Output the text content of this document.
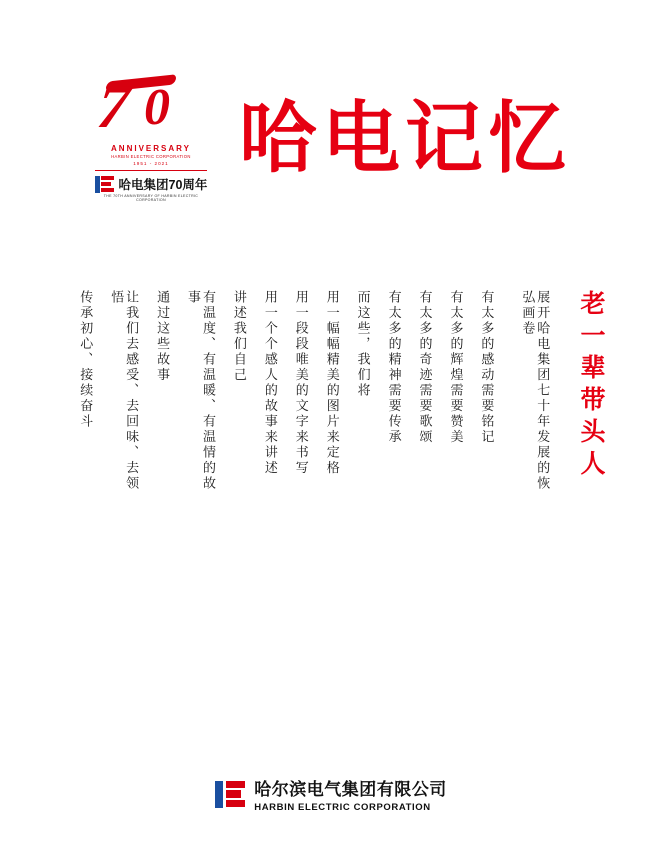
7 0
ANNIVERSARY
HARBIN ELECTRIC CORPORATION
1951 - 2021
哈电集团70周年
THE 70TH ANNIVERSARY OF HARBIN ELECTRIC CORPORATION
哈电记忆
老一辈带头人
展开哈电集团七十年发展的恢弘画卷
有太多的感动需要铭记
有太多的辉煌需要赞美
有太多的奇迹需要歌颂
有太多的精神需要传承
而这些，我们将
用一幅幅精美的图片来定格
用一段段唯美的文字来书写
用一个个感人的故事来讲述
讲述我们自己
有温度、有温暖、有温情的故事
通过这些故事
让我们去感受、去回味、去领悟
传承初心、接续奋斗
哈尔滨电气集团有限公司
HARBIN ELECTRIC CORPORATION
